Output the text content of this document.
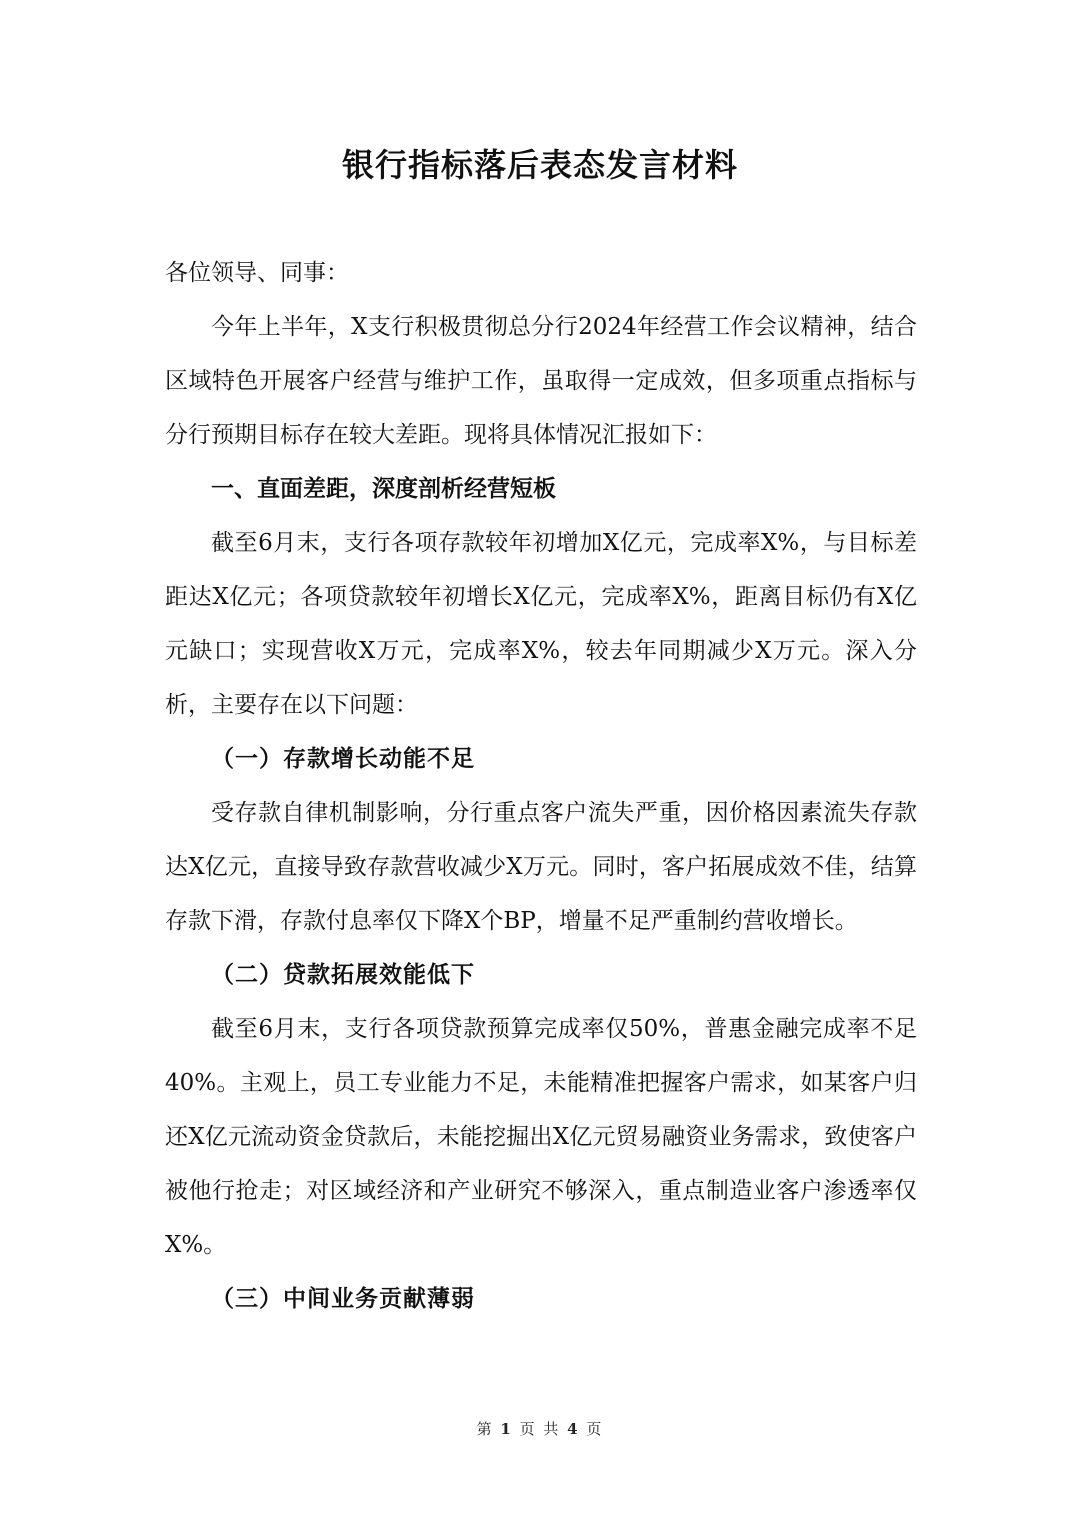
银行指标落后表态发言材料

各位领导、同事：

今年上半年，X支行积极贯彻总分行2024年经营工作会议精神，结合区域特色开展客户经营与维护工作，虽取得一定成效，但多项重点指标与分行预期目标存在较大差距。现将具体情况汇报如下：

一、直面差距，深度剖析经营短板

截至6月末，支行各项存款较年初增加X亿元，完成率X%，与目标差距达X亿元；各项贷款较年初增长X亿元，完成率X%，距离目标仍有X亿元缺口；实现营收X万元，完成率X%，较去年同期减少X万元。深入分析，主要存在以下问题：

（一）存款增长动能不足

受存款自律机制影响，分行重点客户流失严重，因价格因素流失存款达X亿元，直接导致存款营收减少X万元。同时，客户拓展成效不佳，结算存款下滑，存款付息率仅下降X个BP，增量不足严重制约营收增长。

（二）贷款拓展效能低下

截至6月末，支行各项贷款预算完成率仅50%，普惠金融完成率不足40%。主观上，员工专业能力不足，未能精准把握客户需求，如某客户归还X亿元流动资金贷款后，未能挖掘出X亿元贸易融资业务需求，致使客户被他行抢走；对区域经济和产业研究不够深入，重点制造业客户渗透率仅X%。

（三）中间业务贡献薄弱

第 1 页 共 4 页
